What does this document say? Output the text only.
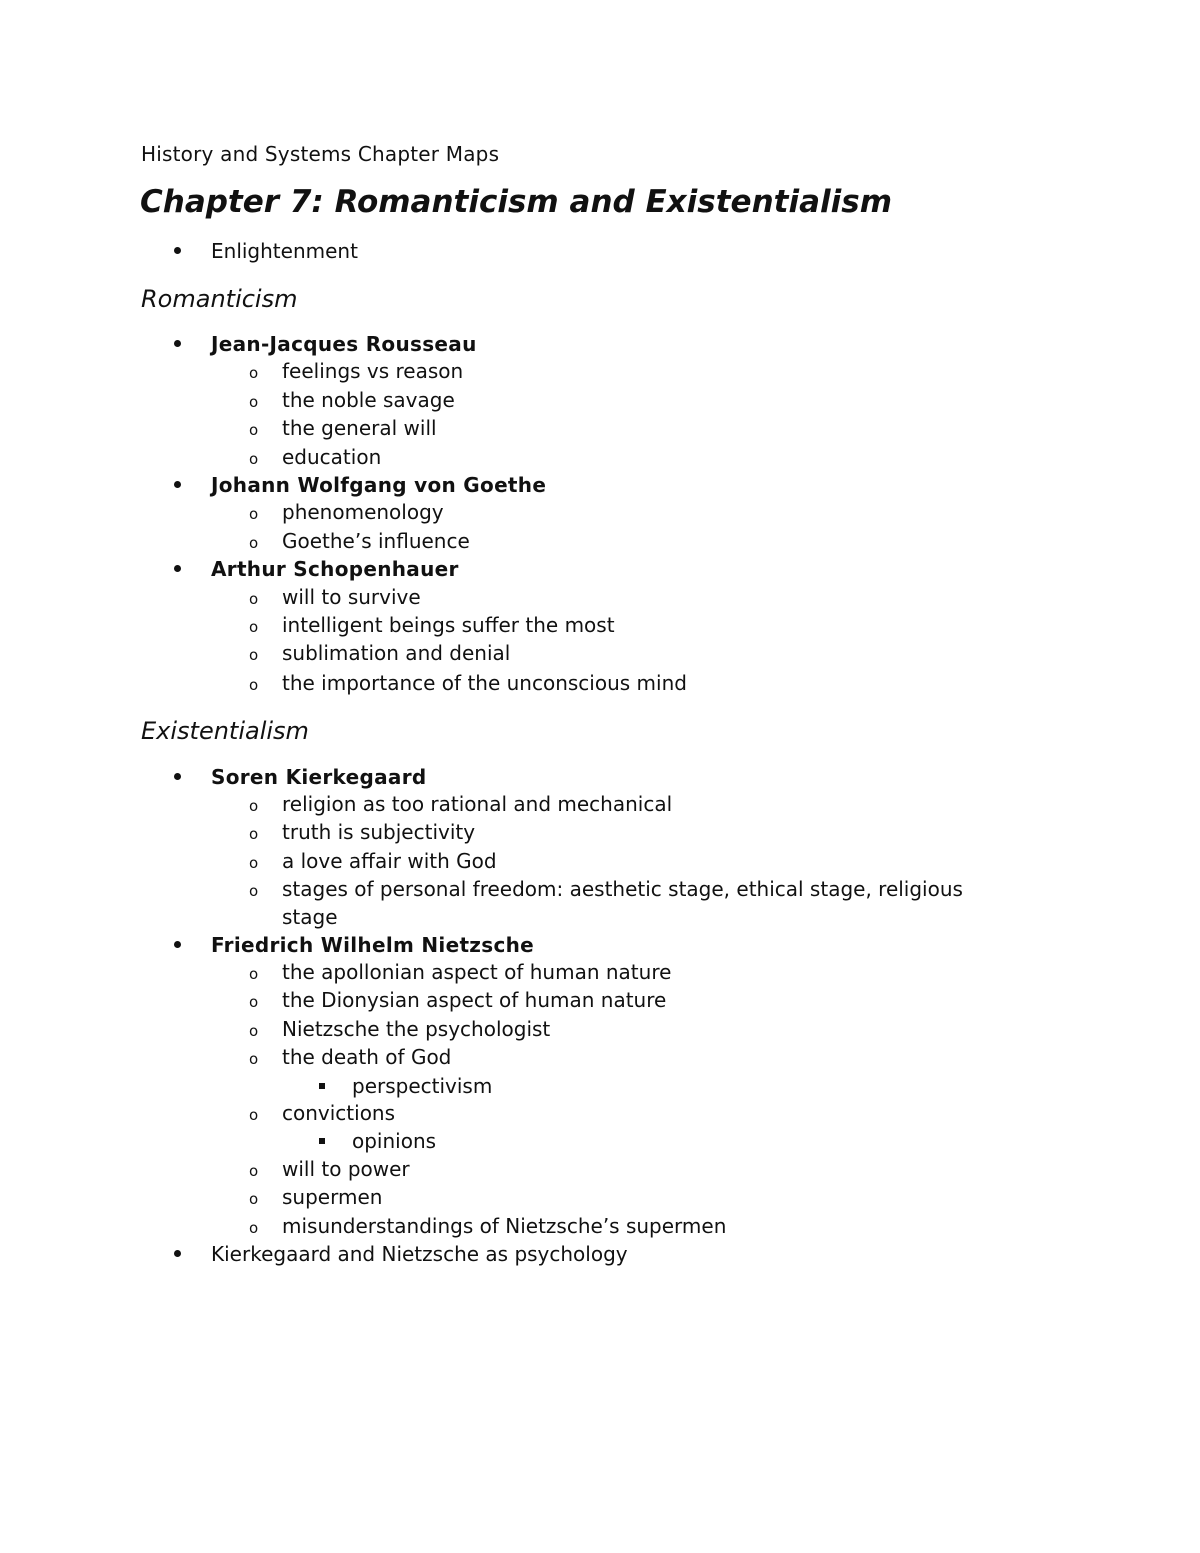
History and Systems Chapter Maps
Chapter 7: Romanticism and Existentialism
Enlightenment
Romanticism
Jean-Jacques Rousseau
o feelings vs reason
o the noble savage
o the general will
o education
Johann Wolfgang von Goethe
o phenomenology
o Goethe’s influence
Arthur Schopenhauer
o will to survive
o intelligent beings suffer the most
o sublimation and denial
o the importance of the unconscious mind
Existentialism
Soren Kierkegaard
o religion as too rational and mechanical
o truth is subjectivity
o a love affair with God
o stages of personal freedom: aesthetic stage, ethical stage, religious
stage
Friedrich Wilhelm Nietzsche
o the apollonian aspect of human nature
o the Dionysian aspect of human nature
o Nietzsche the psychologist
o the death of God
perspectivism
o convictions
opinions
o will to power
o supermen
o misunderstandings of Nietzsche’s supermen
Kierkegaard and Nietzsche as psychology
